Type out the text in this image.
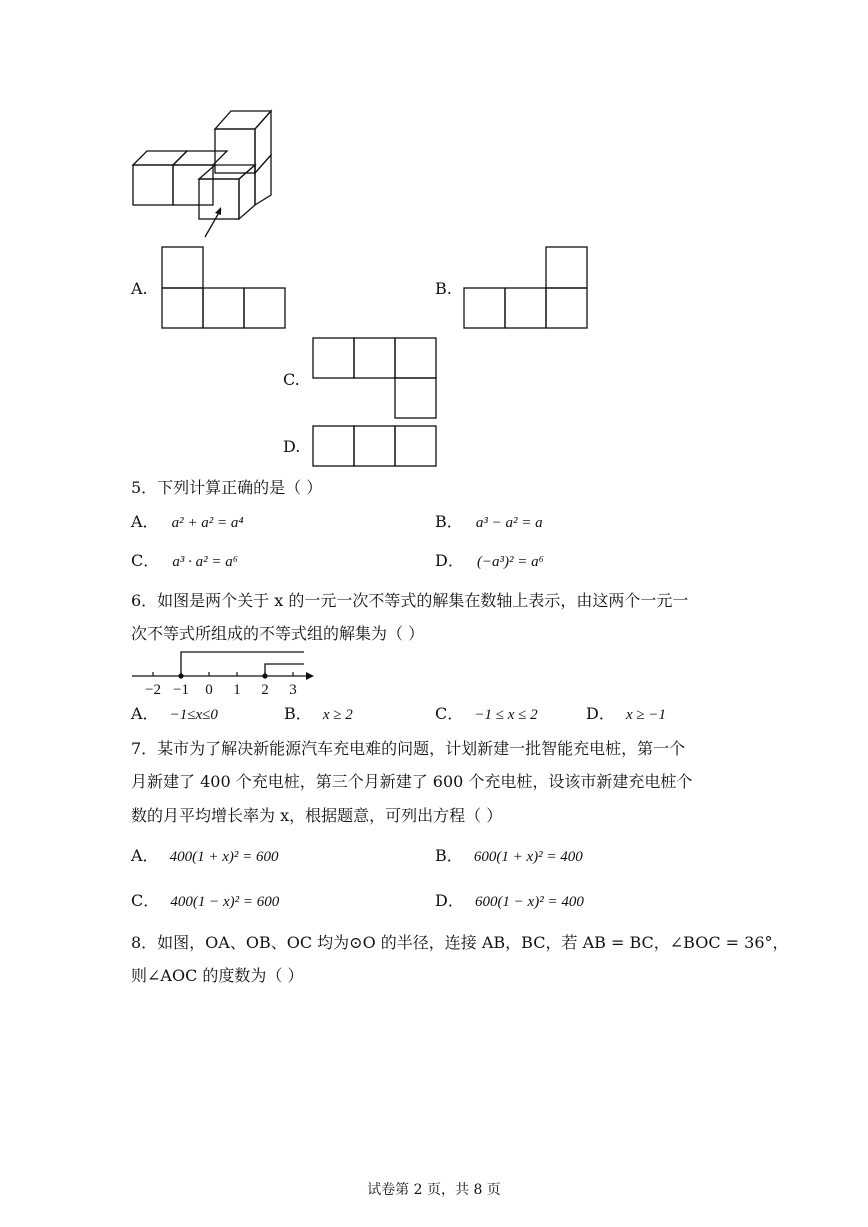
A.	B.
C.
D.
5．下列计算正确的是（ ）
A． a² + a² = a⁴	B． a³ − a² = a
C． a³ · a² = a⁶	D． (−a³)² = a⁶
6．如图是两个关于 x 的一元一次不等式的解集在数轴上表示，由这两个一元一
次不等式所组成的不等式组的解集为（ ）
−2 −1 0 1 2 3
A． −1≤x≤0	B． x ≥ 2	C． −1 ≤ x ≤ 2	D． x ≥ −1
7．某市为了解决新能源汽车充电难的问题，计划新建一批智能充电桩，第一个
月新建了 400 个充电桩，第三个月新建了 600 个充电桩，设该市新建充电桩个
数的月平均增长率为 x，根据题意，可列出方程（ ）
A． 400(1 + x)² = 600	B． 600(1 + x)² = 400
C． 400(1 − x)² = 600	D． 600(1 − x)² = 400
8．如图，OA、OB、OC 均为⊙O 的半径，连接 AB，BC，若 AB = BC，∠BOC = 36°，
则∠AOC 的度数为（ ）
试卷第 2 页，共 8 页
